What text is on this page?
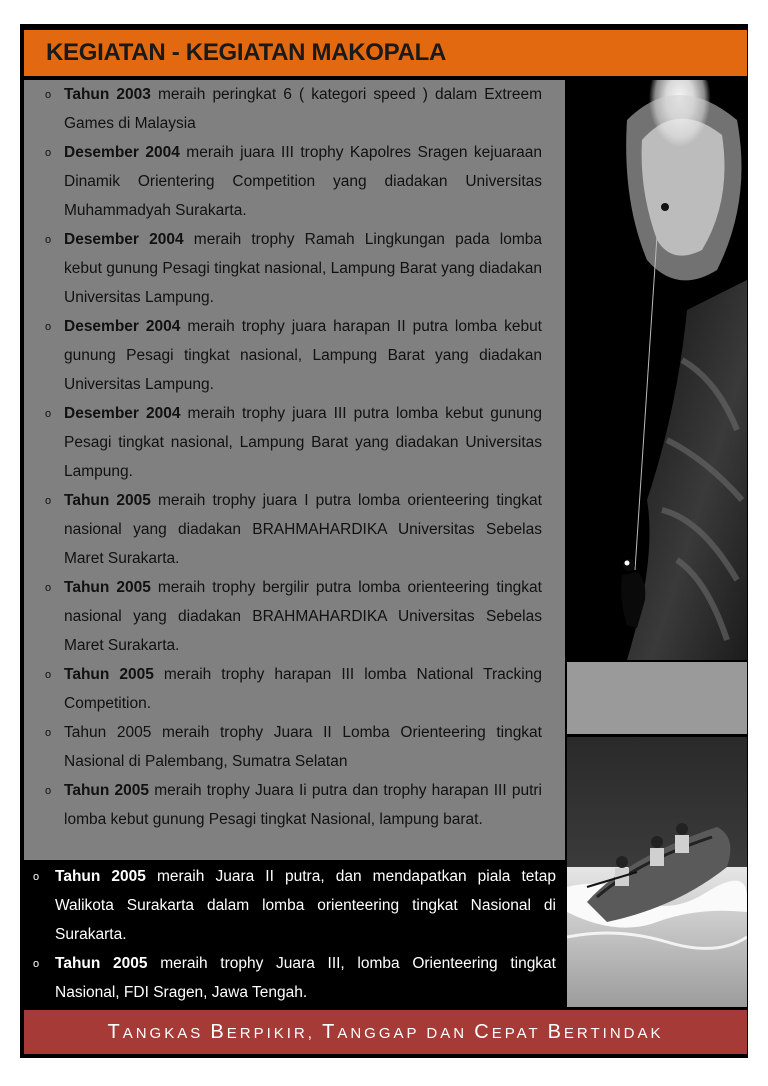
KEGIATAN - KEGIATAN MAKOPALA
o Tahun 2003 meraih peringkat 6 ( kategori speed ) dalam Extreem Games di Malaysia
o Desember 2004 meraih juara III trophy Kapolres Sragen kejuaraan Dinamik Orientering Competition yang diadakan Universitas Muhammadyah Surakarta.
o Desember 2004 meraih trophy Ramah Lingkungan pada lomba kebut gunung Pesagi tingkat nasional, Lampung Barat yang diadakan Universitas Lampung.
o Desember 2004 meraih trophy juara harapan II putra lomba kebut gunung Pesagi tingkat nasional, Lampung Barat yang diadakan Universitas Lampung.
o Desember 2004 meraih trophy juara III putra lomba kebut gunung Pesagi tingkat nasional, Lampung Barat yang diadakan Universitas Lampung.
o Tahun 2005 meraih trophy juara I putra lomba orienteering tingkat nasional yang diadakan BRAHMAHARDIKA Universitas Sebelas Maret Surakarta.
o Tahun 2005 meraih trophy bergilir putra lomba orienteering tingkat nasional yang diadakan BRAHMAHARDIKA Universitas Sebelas Maret Surakarta.
o Tahun 2005 meraih trophy harapan III lomba National Tracking Competition.
o Tahun 2005 meraih trophy Juara II Lomba Orienteering tingkat Nasional di Palembang, Sumatra Selatan
o Tahun 2005 meraih trophy Juara Ii putra dan trophy harapan III putri lomba kebut gunung Pesagi tingkat Nasional, lampung barat.
o Tahun 2005 meraih Juara II putra, dan mendapatkan piala tetap Walikota Surakarta dalam lomba orienteering tingkat Nasional di Surakarta.
o Tahun 2005 meraih trophy Juara III, lomba Orienteering tingkat Nasional, FDI Sragen, Jawa Tengah.
TANGKAS BERPIKIR, TANGGAP DAN CEPAT BERTINDAK
